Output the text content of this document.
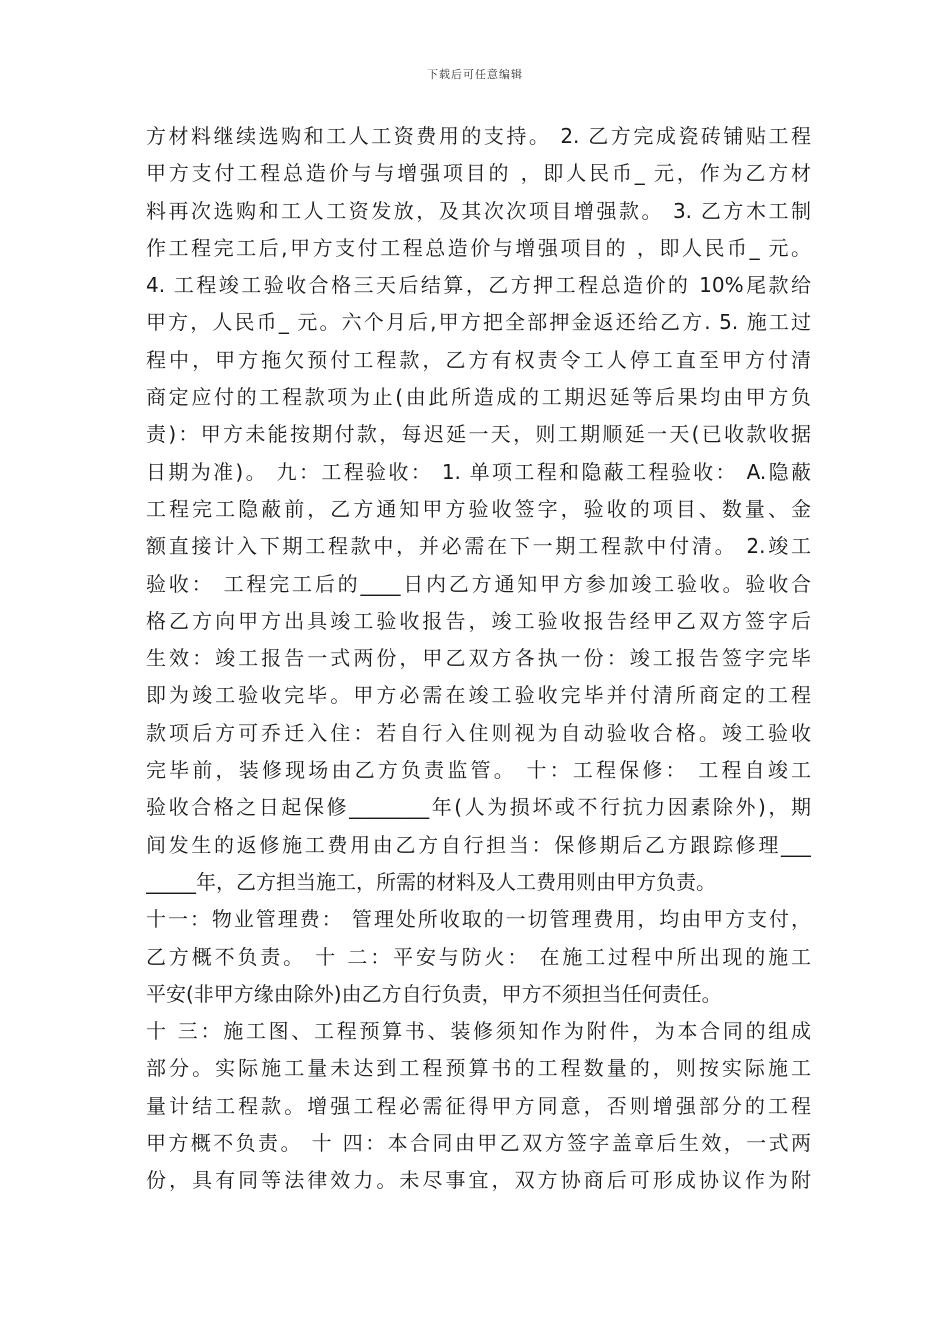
下载后可任意编辑
方材料继续选购和工人工资费用的支持。 2. 乙方完成瓷砖铺贴工程
甲方支付工程总造价与与增强项目的 ，即人民币_ 元，作为乙方材
料再次选购和工人工资发放，及其次次项目增强款。 3. 乙方木工制
作工程完工后,甲方支付工程总造价与增强项目的 ，即人民币_ 元。
4. 工程竣工验收合格三天后结算，乙方押工程总造价的 10%尾款给
甲方，人民币_ 元。六个月后,甲方把全部押金返还给乙方. 5. 施工过
程中，甲方拖欠预付工程款，乙方有权责令工人停工直至甲方付清
商定应付的工程款项为止(由此所造成的工期迟延等后果均由甲方负
责)：甲方未能按期付款，每迟延一天，则工期顺延一天(已收款收据
日期为准)。 九：工程验收： 1. 单项工程和隐蔽工程验收： A.隐蔽
工程完工隐蔽前，乙方通知甲方验收签字，验收的项目、数量、金
额直接计入下期工程款中，并必需在下一期工程款中付清。 2.竣工
验收： 工程完工后的____日内乙方通知甲方参加竣工验收。验收合
格乙方向甲方出具竣工验收报告，竣工验收报告经甲乙双方签字后
生效：竣工报告一式两份，甲乙双方各执一份：竣工报告签字完毕
即为竣工验收完毕。甲方必需在竣工验收完毕并付清所商定的工程
款项后方可乔迁入住：若自行入住则视为自动验收合格。竣工验收
完毕前，装修现场由乙方负责监管。 十：工程保修： 工程自竣工
验收合格之日起保修________年(人为损坏或不行抗力因素除外)，期
间发生的返修施工费用由乙方自行担当：保修期后乙方跟踪修理___
_____年，乙方担当施工，所需的材料及人工费用则由甲方负责。
十一：物业管理费： 管理处所收取的一切管理费用，均由甲方支付，
乙方概不负责。 十 二：平安与防火： 在施工过程中所出现的施工
平安(非甲方缘由除外)由乙方自行负责，甲方不须担当任何责任。
十 三：施工图、工程预算书、装修须知作为附件，为本合同的组成
部分。实际施工量未达到工程预算书的工程数量的，则按实际施工
量计结工程款。增强工程必需征得甲方同意，否则增强部分的工程
甲方概不负责。 十 四：本合同由甲乙双方签字盖章后生效，一式两
份，具有同等法律效力。未尽事宜，双方协商后可形成协议作为附
